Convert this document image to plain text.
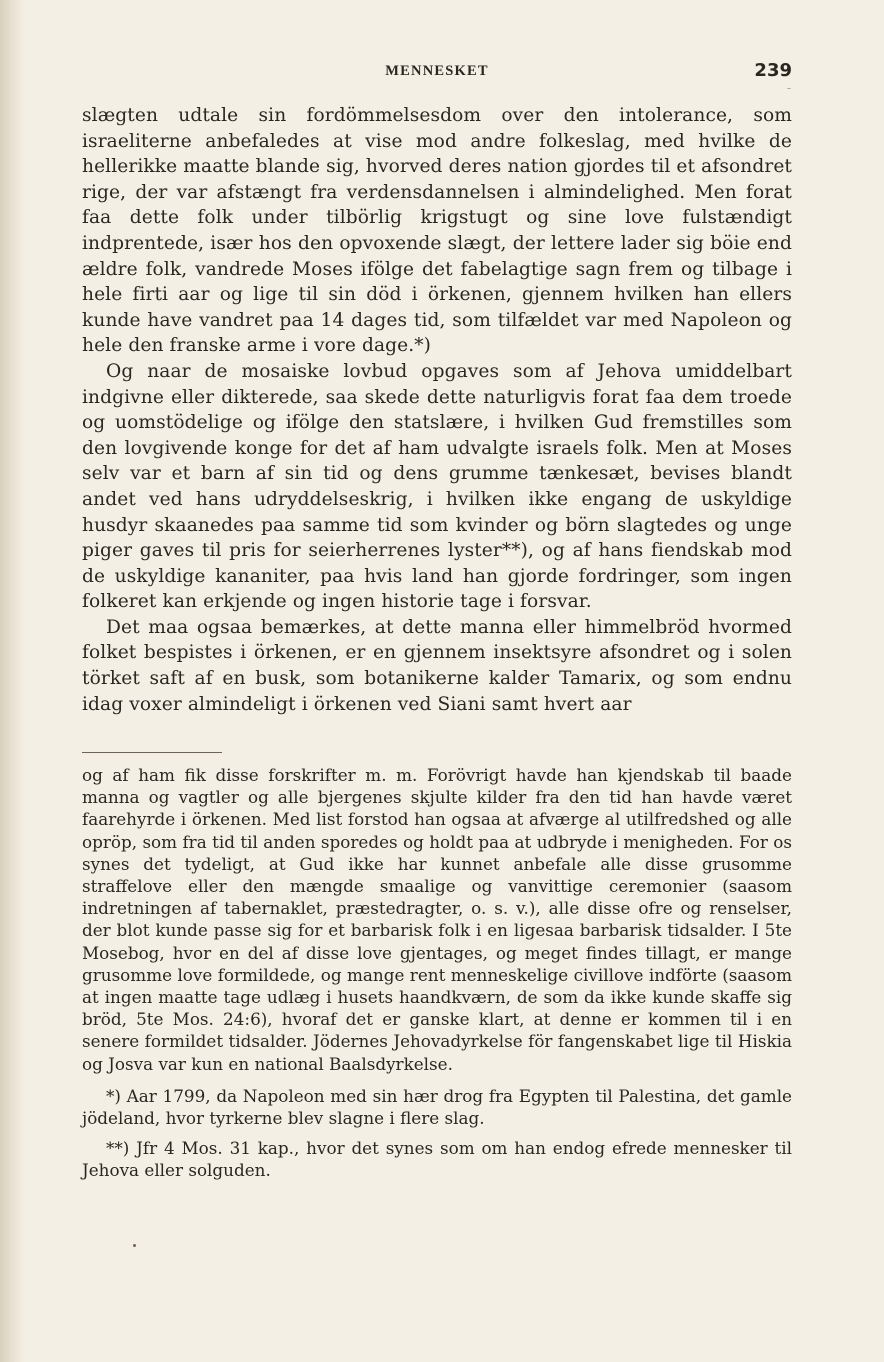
MENNESKET	239

slægten udtale sin fordömmelsesdom over den intolerance, som israeliterne anbefaledes at vise mod andre folkeslag, med hvilke de hellerikke maatte blande sig, hvorved deres nation gjordes til et afsondret rige, der var afstængt fra verdensdannelsen i almindelighed. Men forat faa dette folk under tilbörlig krigstugt og sine love fulstændigt indprentede, især hos den opvoxende slægt, der lettere lader sig böie end ældre folk, vandrede Moses ifölge det fabelagtige sagn frem og tilbage i hele firti aar og lige til sin död i örkenen, gjennem hvilken han ellers kunde have vandret paa 14 dages tid, som tilfældet var med Napoleon og hele den franske arme i vore dage.*)

Og naar de mosaiske lovbud opgaves som af Jehova umiddelbart indgivne eller dikterede, saa skede dette naturligvis forat faa dem troede og uomstödelige og ifölge den statslære, i hvilken Gud fremstilles som den lovgivende konge for det af ham udvalgte israels folk. Men at Moses selv var et barn af sin tid og dens grumme tænkesæt, bevises blandt andet ved hans udryddelseskrig, i hvilken ikke engang de uskyldige husdyr skaanedes paa samme tid som kvinder og börn slagtedes og unge piger gaves til pris for seierherrenes lyster**), og af hans fiendskab mod de uskyldige kananiter, paa hvis land han gjorde fordringer, som ingen folkeret kan erkjende og ingen historie tage i forsvar.

Det maa ogsaa bemærkes, at dette manna eller himmelbröd hvormed folket bespistes i örkenen, er en gjennem insektsyre afsondret og i solen törket saft af en busk, som botanikerne kalder Tamarix, og som endnu idag voxer almindeligt i örkenen ved Siani samt hvert aar

og af ham fik disse forskrifter m. m. Forövrigt havde han kjendskab til baade manna og vagtler og alle bjergenes skjulte kilder fra den tid han havde været faarehyrde i örkenen. Med list forstod han ogsaa at afværge al utilfredshed og alle opröр, som fra tid til anden sporedes og holdt paa at udbryde i menigheden. For os synes det tydeligt, at Gud ikke har kunnet anbefale alle disse grusomme straffelove eller den mængde smaalige og vanvittige ceremonier (saasom indretningen af tabernaklet, præstedragter, o. s. v.), alle disse ofre og renselser, der blot kunde passe sig for et barbarisk folk i en ligesaa barbarisk tidsalder. I 5te Mosebog, hvor en del af disse love gjentages, og meget findes tillagt, er mange grusomme love formildede, og mange rent menneskelige civillove indförte (saasom at ingen maatte tage udlæg i husets haandkværn, de som da ikke kunde skaffe sig bröd, 5te Mos. 24:6), hvoraf det er ganske klart, at denne er kommen til i en senere formildet tidsalder. Jödernes Jehovadyrkelse för fangenskabet lige til Hiskia og Josva var kun en national Baalsdyrkelse.

*) Aar 1799, da Napoleon med sin hær drog fra Egypten til Palestina, det gamle jödeland, hvor tyrkerne blev slagne i flere slag.

**) Jfr 4 Mos. 31 kap., hvor det synes som om han endog efrede mennesker til Jehova eller solguden.
